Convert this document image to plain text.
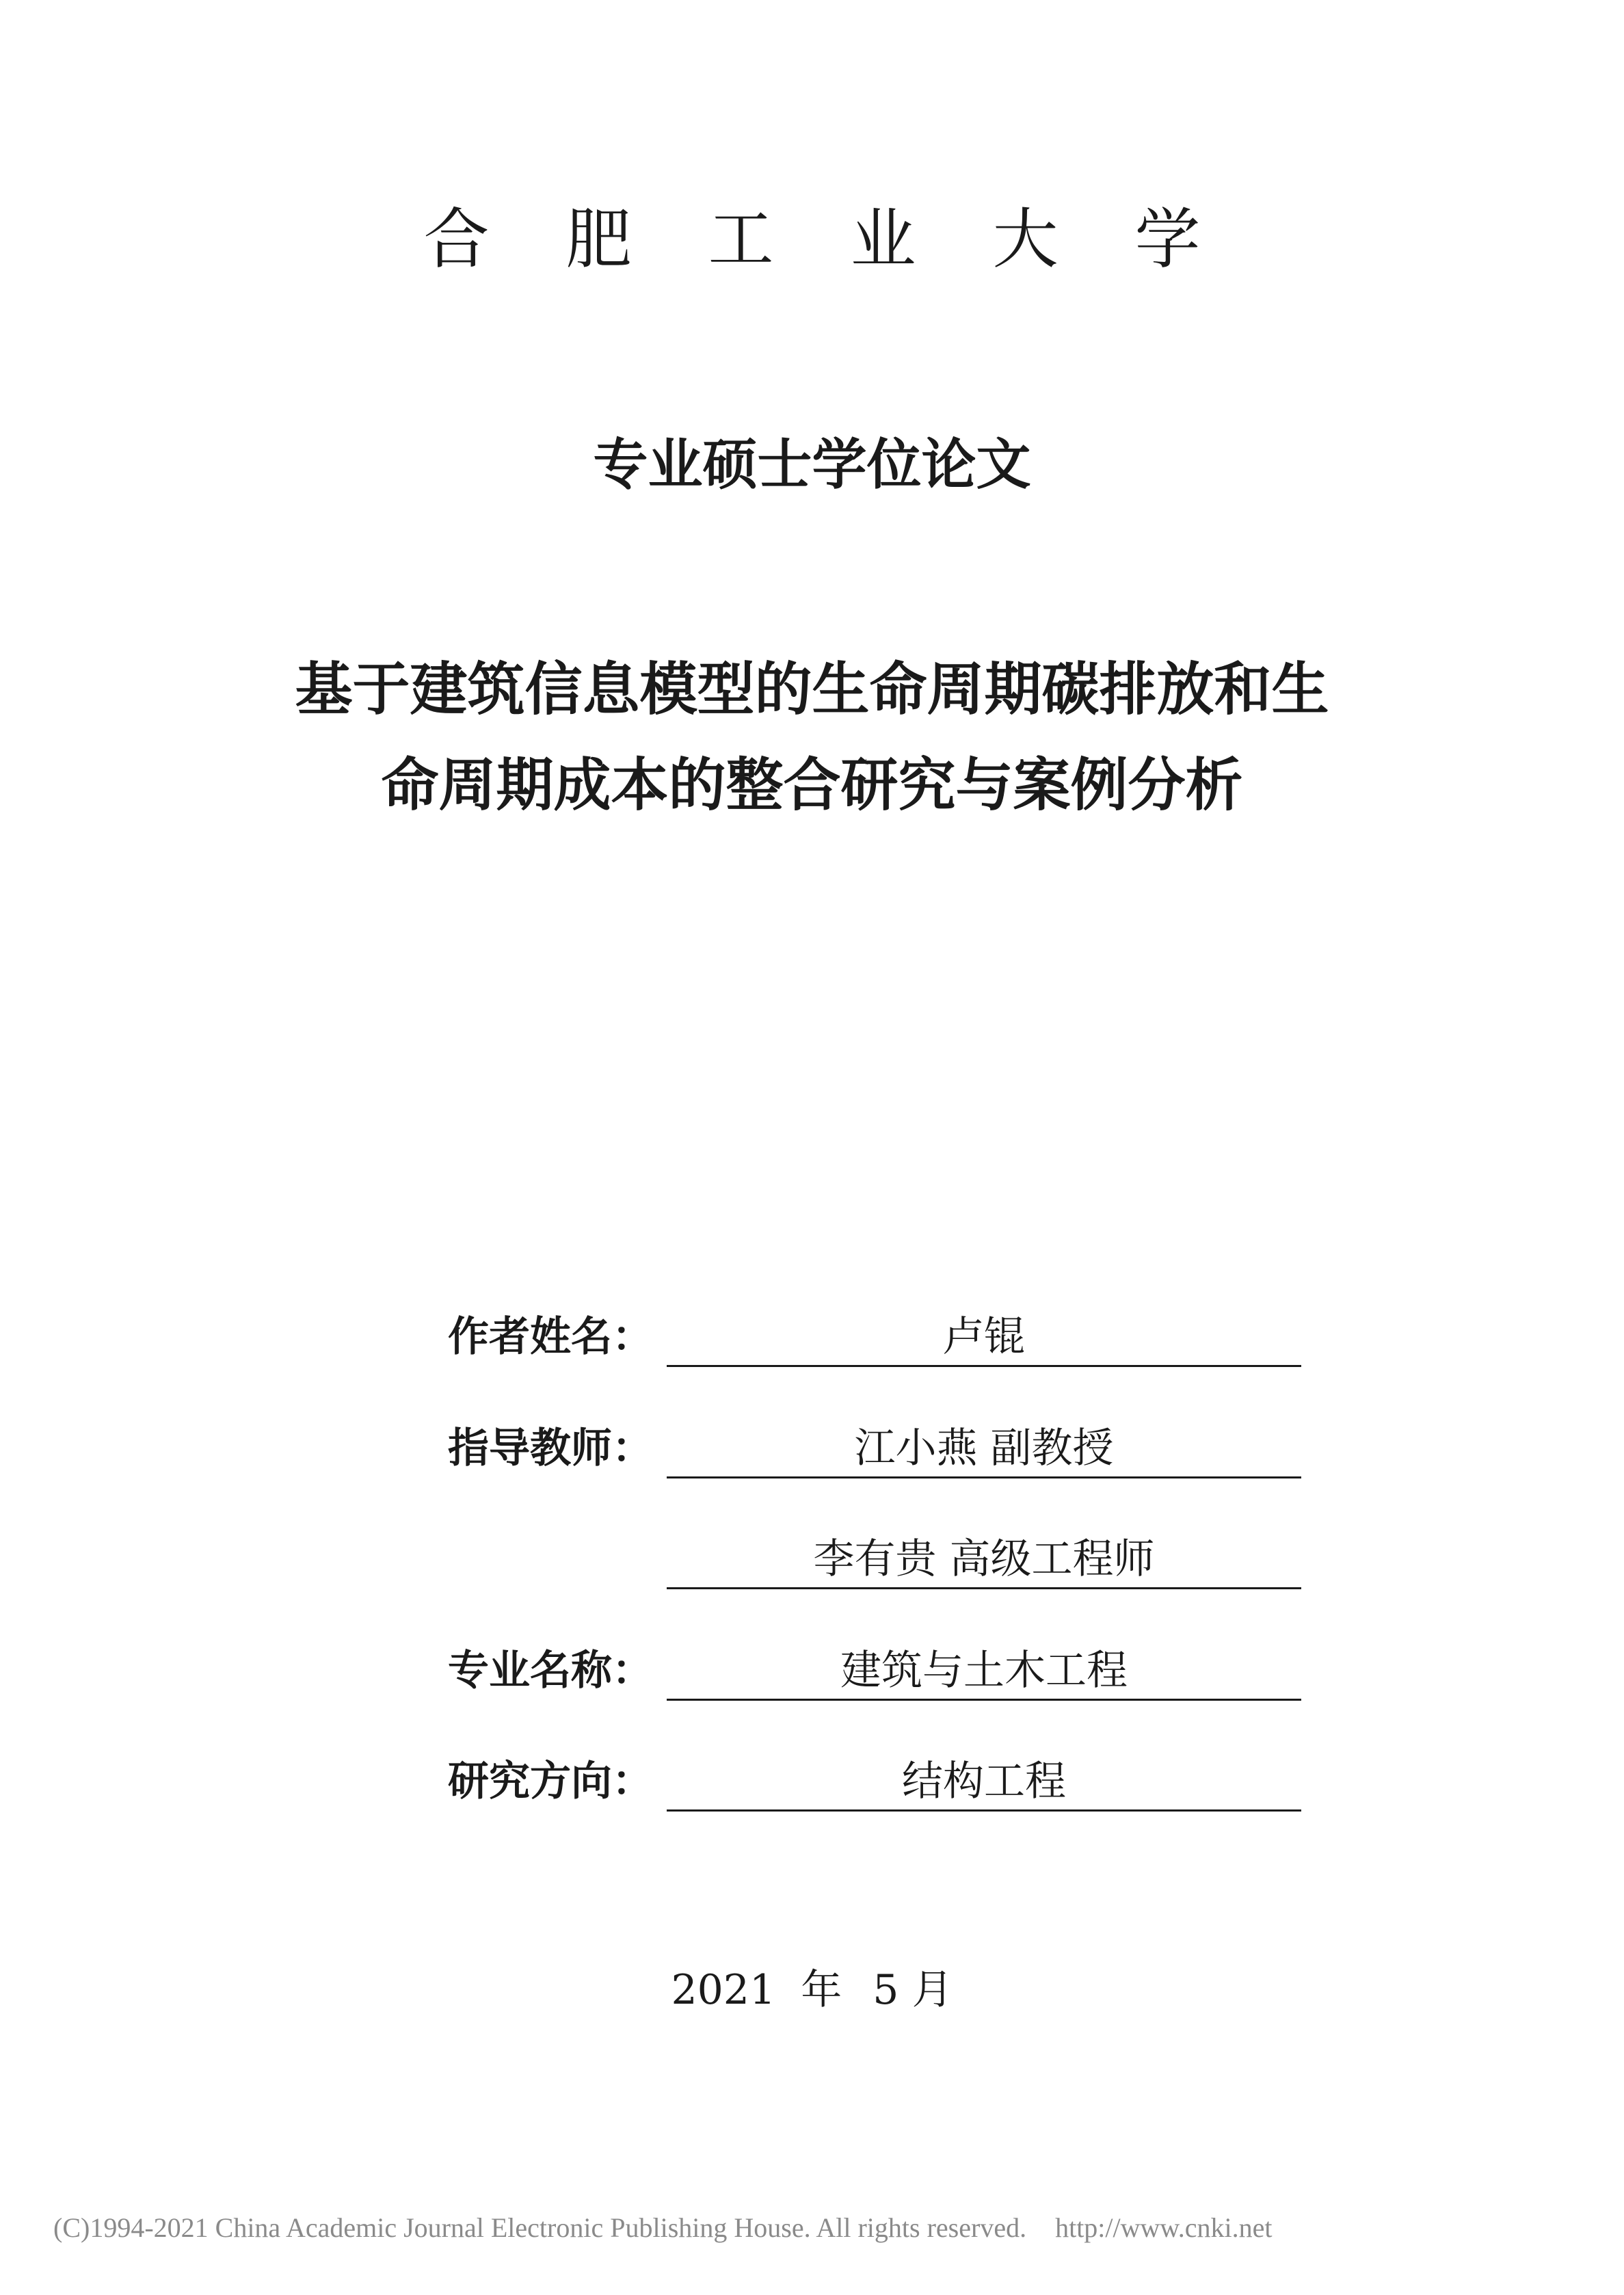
合肥工业大学
专业硕士学位论文
基于建筑信息模型的生命周期碳排放和生
命周期成本的整合研究与案例分析
作者姓名：	卢锟
指导教师：	江小燕 副教授
李有贵 高级工程师
专业名称：	建筑与土木工程
研究方向：	结构工程
2021 年 5 月
(C)1994-2021 China Academic Journal Electronic Publishing House. All rights reserved. http://www.cnki.net
